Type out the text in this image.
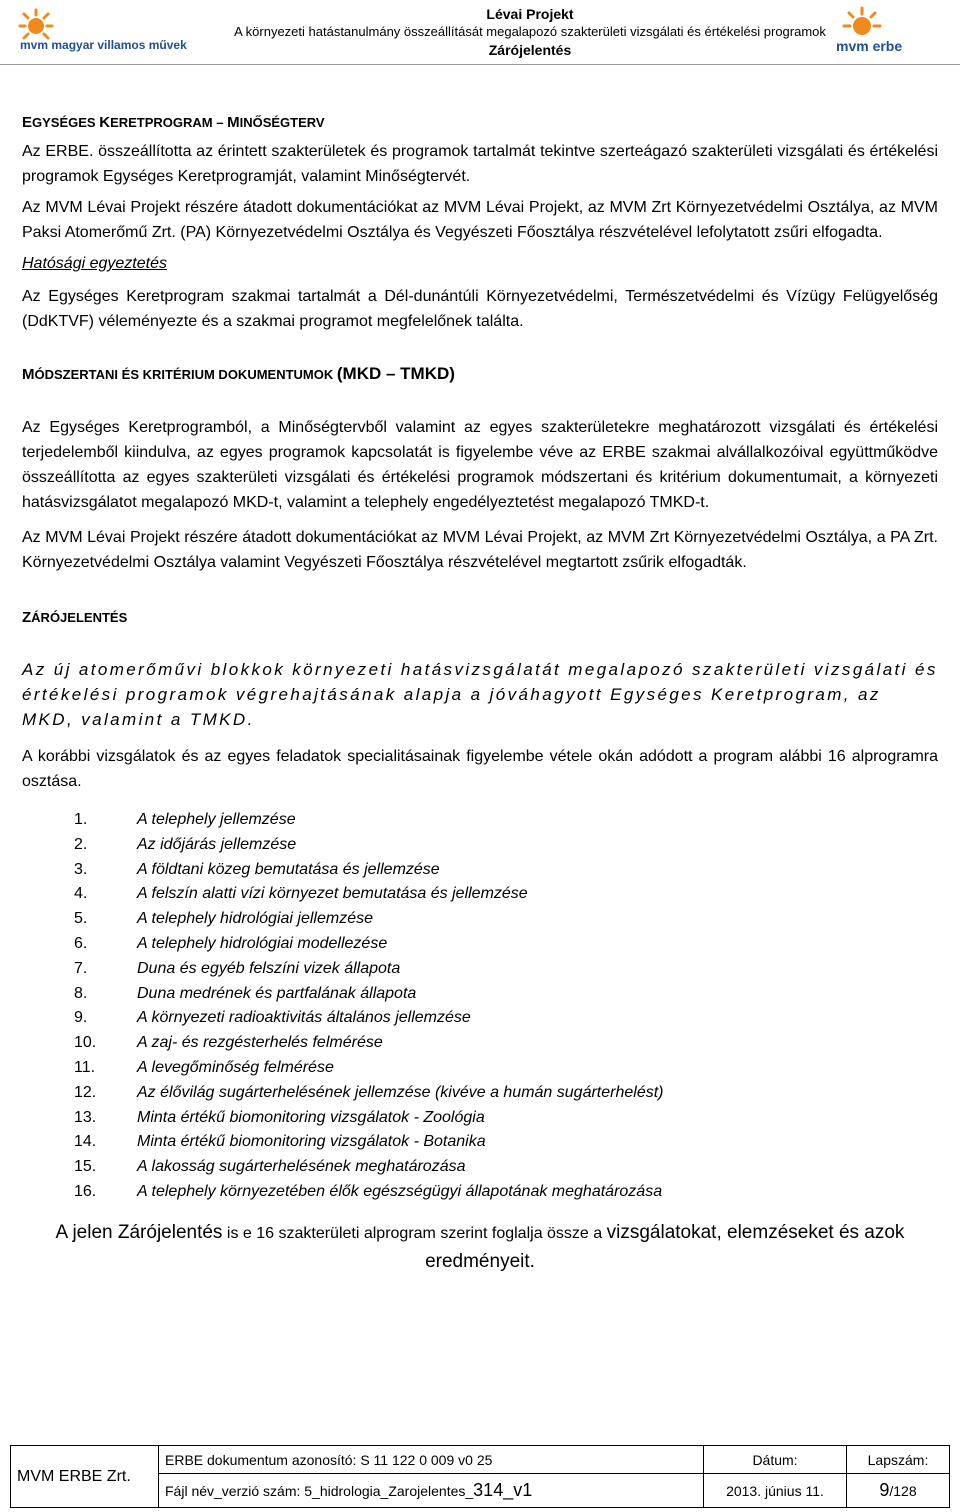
mvm magyar villamos művek
Lévai Projekt
A környezeti hatástanulmány összeállítását megalapozó szakterületi vizsgálati és értékelési programok
Zárójelentés	mvm erbe

EGYSÉGES KERETPROGRAM – MINŐSÉGTERV

Az ERBE. összeállította az érintett szakterületek és programok tartalmát tekintve szerteágazó szakterületi vizsgálati és értékelési programok Egységes Keretprogramját, valamint Minőségtervét.

Az MVM Lévai Projekt részére átadott dokumentációkat az MVM Lévai Projekt, az MVM Zrt Környezetvédelmi Osztálya, az MVM Paksi Atomerőmű Zrt. (PA) Környezetvédelmi Osztálya és Vegyészeti Főosztálya részvételével lefolytatott zsűri elfogadta.

Hatósági egyeztetés

Az Egységes Keretprogram szakmai tartalmát a Dél-dunántúli Környezetvédelmi, Természetvédelmi és Vízügy Felügyelőség (DdKTVF) véleményezte és a szakmai programot megfelelőnek találta.

MÓDSZERTANI ÉS KRITÉRIUM DOKUMENTUMOK (MKD – TMKD)

Az Egységes Keretprogramból, a Minőségtervből valamint az egyes szakterületekre meghatározott vizsgálati és értékelési terjedelemből kiindulva, az egyes programok kapcsolatát is figyelembe véve az ERBE szakmai alvállalkozóival együttműködve összeállította az egyes szakterületi vizsgálati és értékelési programok módszertani és kritérium dokumentumait, a környezeti hatásvizsgálatot megalapozó MKD-t, valamint a telephely engedélyeztetést megalapozó TMKD-t.

Az MVM Lévai Projekt részére átadott dokumentációkat az MVM Lévai Projekt, az MVM Zrt Környezetvédelmi Osztálya, a PA Zrt. Környezetvédelmi Osztálya valamint Vegyészeti Főosztálya részvételével megtartott zsűrik elfogadták.

ZÁRÓJELENTÉS

Az új atomerőművi blokkok környezeti hatásvizsgálatát megalapozó szakterületi vizsgálati és értékelési programok végrehajtásának alapja a jóváhagyott Egységes Keretprogram, az MKD, valamint a TMKD.

A korábbi vizsgálatok és az egyes feladatok specialitásainak figyelembe vétele okán adódott a program alábbi 16 alprogramra osztása.

1.	A telephely jellemzése
2.	Az időjárás jellemzése
3.	A földtani közeg bemutatása és jellemzése
4.	A felszín alatti vízi környezet bemutatása és jellemzése
5.	A telephely hidrológiai jellemzése
6.	A telephely hidrológiai modellezése
7.	Duna és egyéb felszíni vizek állapota
8.	Duna medrének és partfalának állapota
9.	A környezeti radioaktivitás általános jellemzése
10.	A zaj- és rezgésterhelés felmérése
11.	A levegőminőség felmérése
12.	Az élővilág sugárterhelésének jellemzése (kivéve a humán sugárterhelést)
13.	Minta értékű biomonitoring vizsgálatok - Zoológia
14.	Minta értékű biomonitoring vizsgálatok - Botanika
15.	A lakosság sugárterhelésének meghatározása
16.	A telephely környezetében élők egészségügyi állapotának meghatározása

A jelen Zárójelentés is e 16 szakterületi alprogram szerint foglalja össze a vizsgálatokat, elemzéseket és azok eredményeit.

MVM ERBE Zrt.	ERBE dokumentum azonosító: S 11 122 0 009 v0 25	Dátum:	Lapszám:
	Fájl név_verzió szám: 5_hidrologia_Zarojelentes_314_v1	2013. június 11.	9/128
